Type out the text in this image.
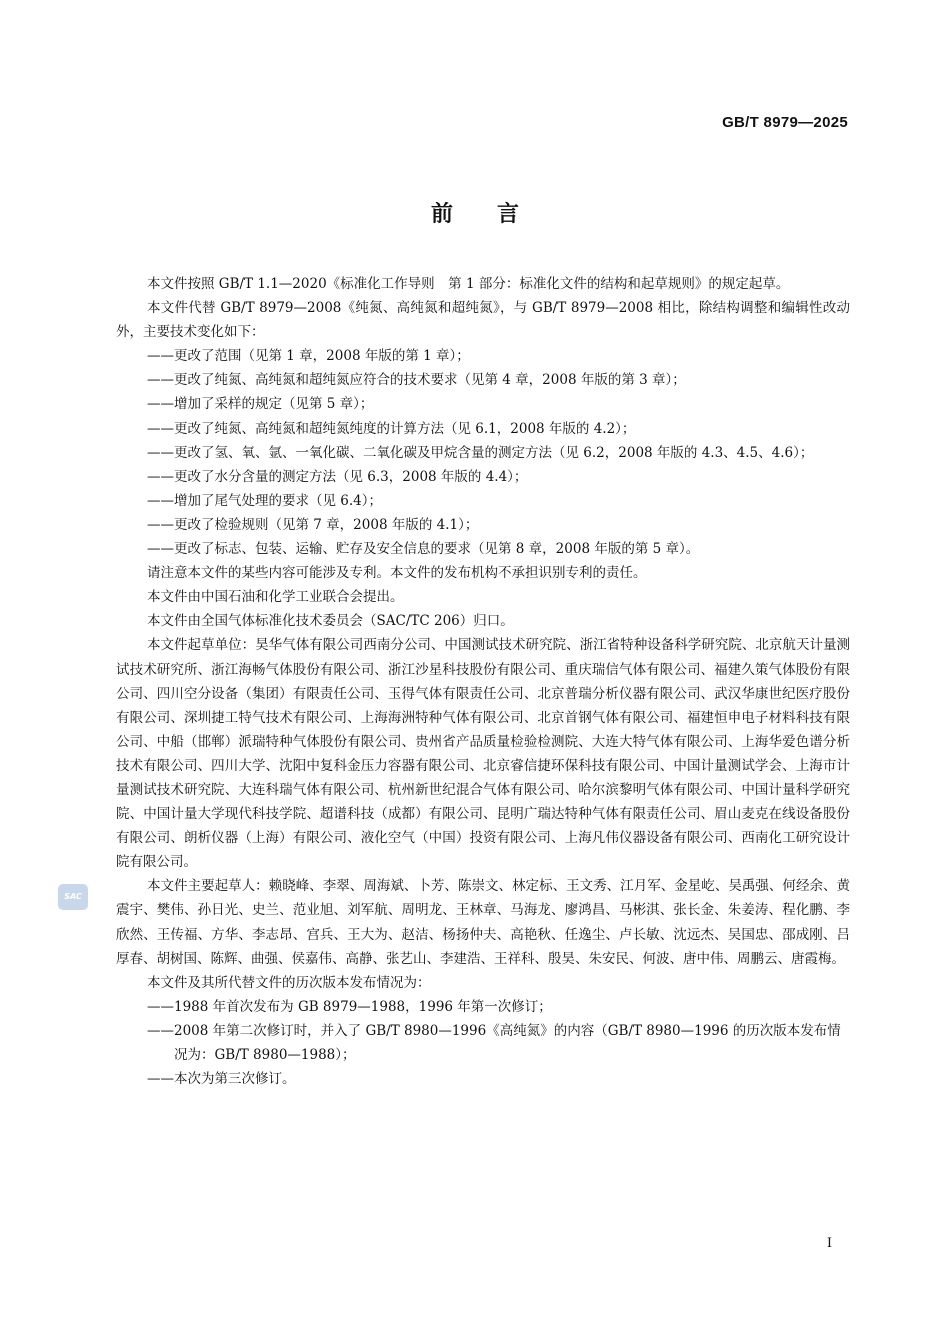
GB/T 8979—2025
前言

本文件按照 GB/T 1.1—2020《标准化工作导则　第 1 部分：标准化文件的结构和起草规则》的规定起草。

本文件代替 GB/T 8979—2008《纯氮、高纯氮和超纯氮》，与 GB/T 8979—2008 相比，除结构调整和编辑性改动外，主要技术变化如下：

——更改了范围（见第 1 章，2008 年版的第 1 章）；

——更改了纯氮、高纯氮和超纯氮应符合的技术要求（见第 4 章，2008 年版的第 3 章）；

——增加了采样的规定（见第 5 章）；

——更改了纯氮、高纯氮和超纯氮纯度的计算方法（见 6.1，2008 年版的 4.2）；

——更改了氢、氧、氩、一氧化碳、二氧化碳及甲烷含量的测定方法（见 6.2，2008 年版的 4.3、4.5、4.6）；

——更改了水分含量的测定方法（见 6.3，2008 年版的 4.4）；

——增加了尾气处理的要求（见 6.4）；

——更改了检验规则（见第 7 章，2008 年版的 4.1）；

——更改了标志、包装、运输、贮存及安全信息的要求（见第 8 章，2008 年版的第 5 章）。

请注意本文件的某些内容可能涉及专利。本文件的发布机构不承担识别专利的责任。

本文件由中国石油和化学工业联合会提出。

本文件由全国气体标准化技术委员会（SAC/TC 206）归口。

本文件起草单位：昊华气体有限公司西南分公司、中国测试技术研究院、浙江省特种设备科学研究院、北京航天计量测试技术研究所、浙江海畅气体股份有限公司、浙江沙星科技股份有限公司、重庆瑞信气体有限公司、福建久策气体股份有限公司、四川空分设备（集团）有限责任公司、玉得气体有限责任公司、北京普瑞分析仪器有限公司、武汉华康世纪医疗股份有限公司、深圳捷工特气技术有限公司、上海海洲特种气体有限公司、北京首钢气体有限公司、福建恒申电子材料科技有限公司、中船（邯郸）派瑞特种气体股份有限公司、贵州省产品质量检验检测院、大连大特气体有限公司、上海华爱色谱分析技术有限公司、四川大学、沈阳中复科金压力容器有限公司、北京睿信捷环保科技有限公司、中国计量测试学会、上海市计量测试技术研究院、大连科瑞气体有限公司、杭州新世纪混合气体有限公司、哈尔滨黎明气体有限公司、中国计量科学研究院、中国计量大学现代科技学院、超谱科技（成都）有限公司、昆明广瑞达特种气体有限责任公司、眉山麦克在线设备股份有限公司、朗析仪器（上海）有限公司、液化空气（中国）投资有限公司、上海凡伟仪器设备有限公司、西南化工研究设计院有限公司。

本文件主要起草人：赖晓峰、李翠、周海斌、卜芳、陈崇文、林定标、王文秀、江月军、金星屹、吴禹强、何经余、黄震宇、樊伟、孙日光、史兰、范业旭、刘军航、周明龙、王林章、马海龙、廖鸿昌、马彬淇、张长金、朱姜涛、程化鹏、李欣然、王传福、方华、李志昂、宫兵、王大为、赵洁、杨扬仲夫、高艳秋、任逸尘、卢长敏、沈远杰、吴国忠、邵成刚、吕厚春、胡树国、陈辉、曲强、侯嘉伟、高静、张艺山、李建浩、王祥科、殷昊、朱安民、何波、唐中伟、周鹏云、唐霞梅。

本文件及其所代替文件的历次版本发布情况为：

——1988 年首次发布为 GB 8979—1988，1996 年第一次修订；

——2008 年第二次修订时，并入了 GB/T 8980—1996《高纯氮》的内容（GB/T 8980—1996 的历次版本发布情况为：GB/T 8980—1988）；

——本次为第三次修订。

SAC
I
